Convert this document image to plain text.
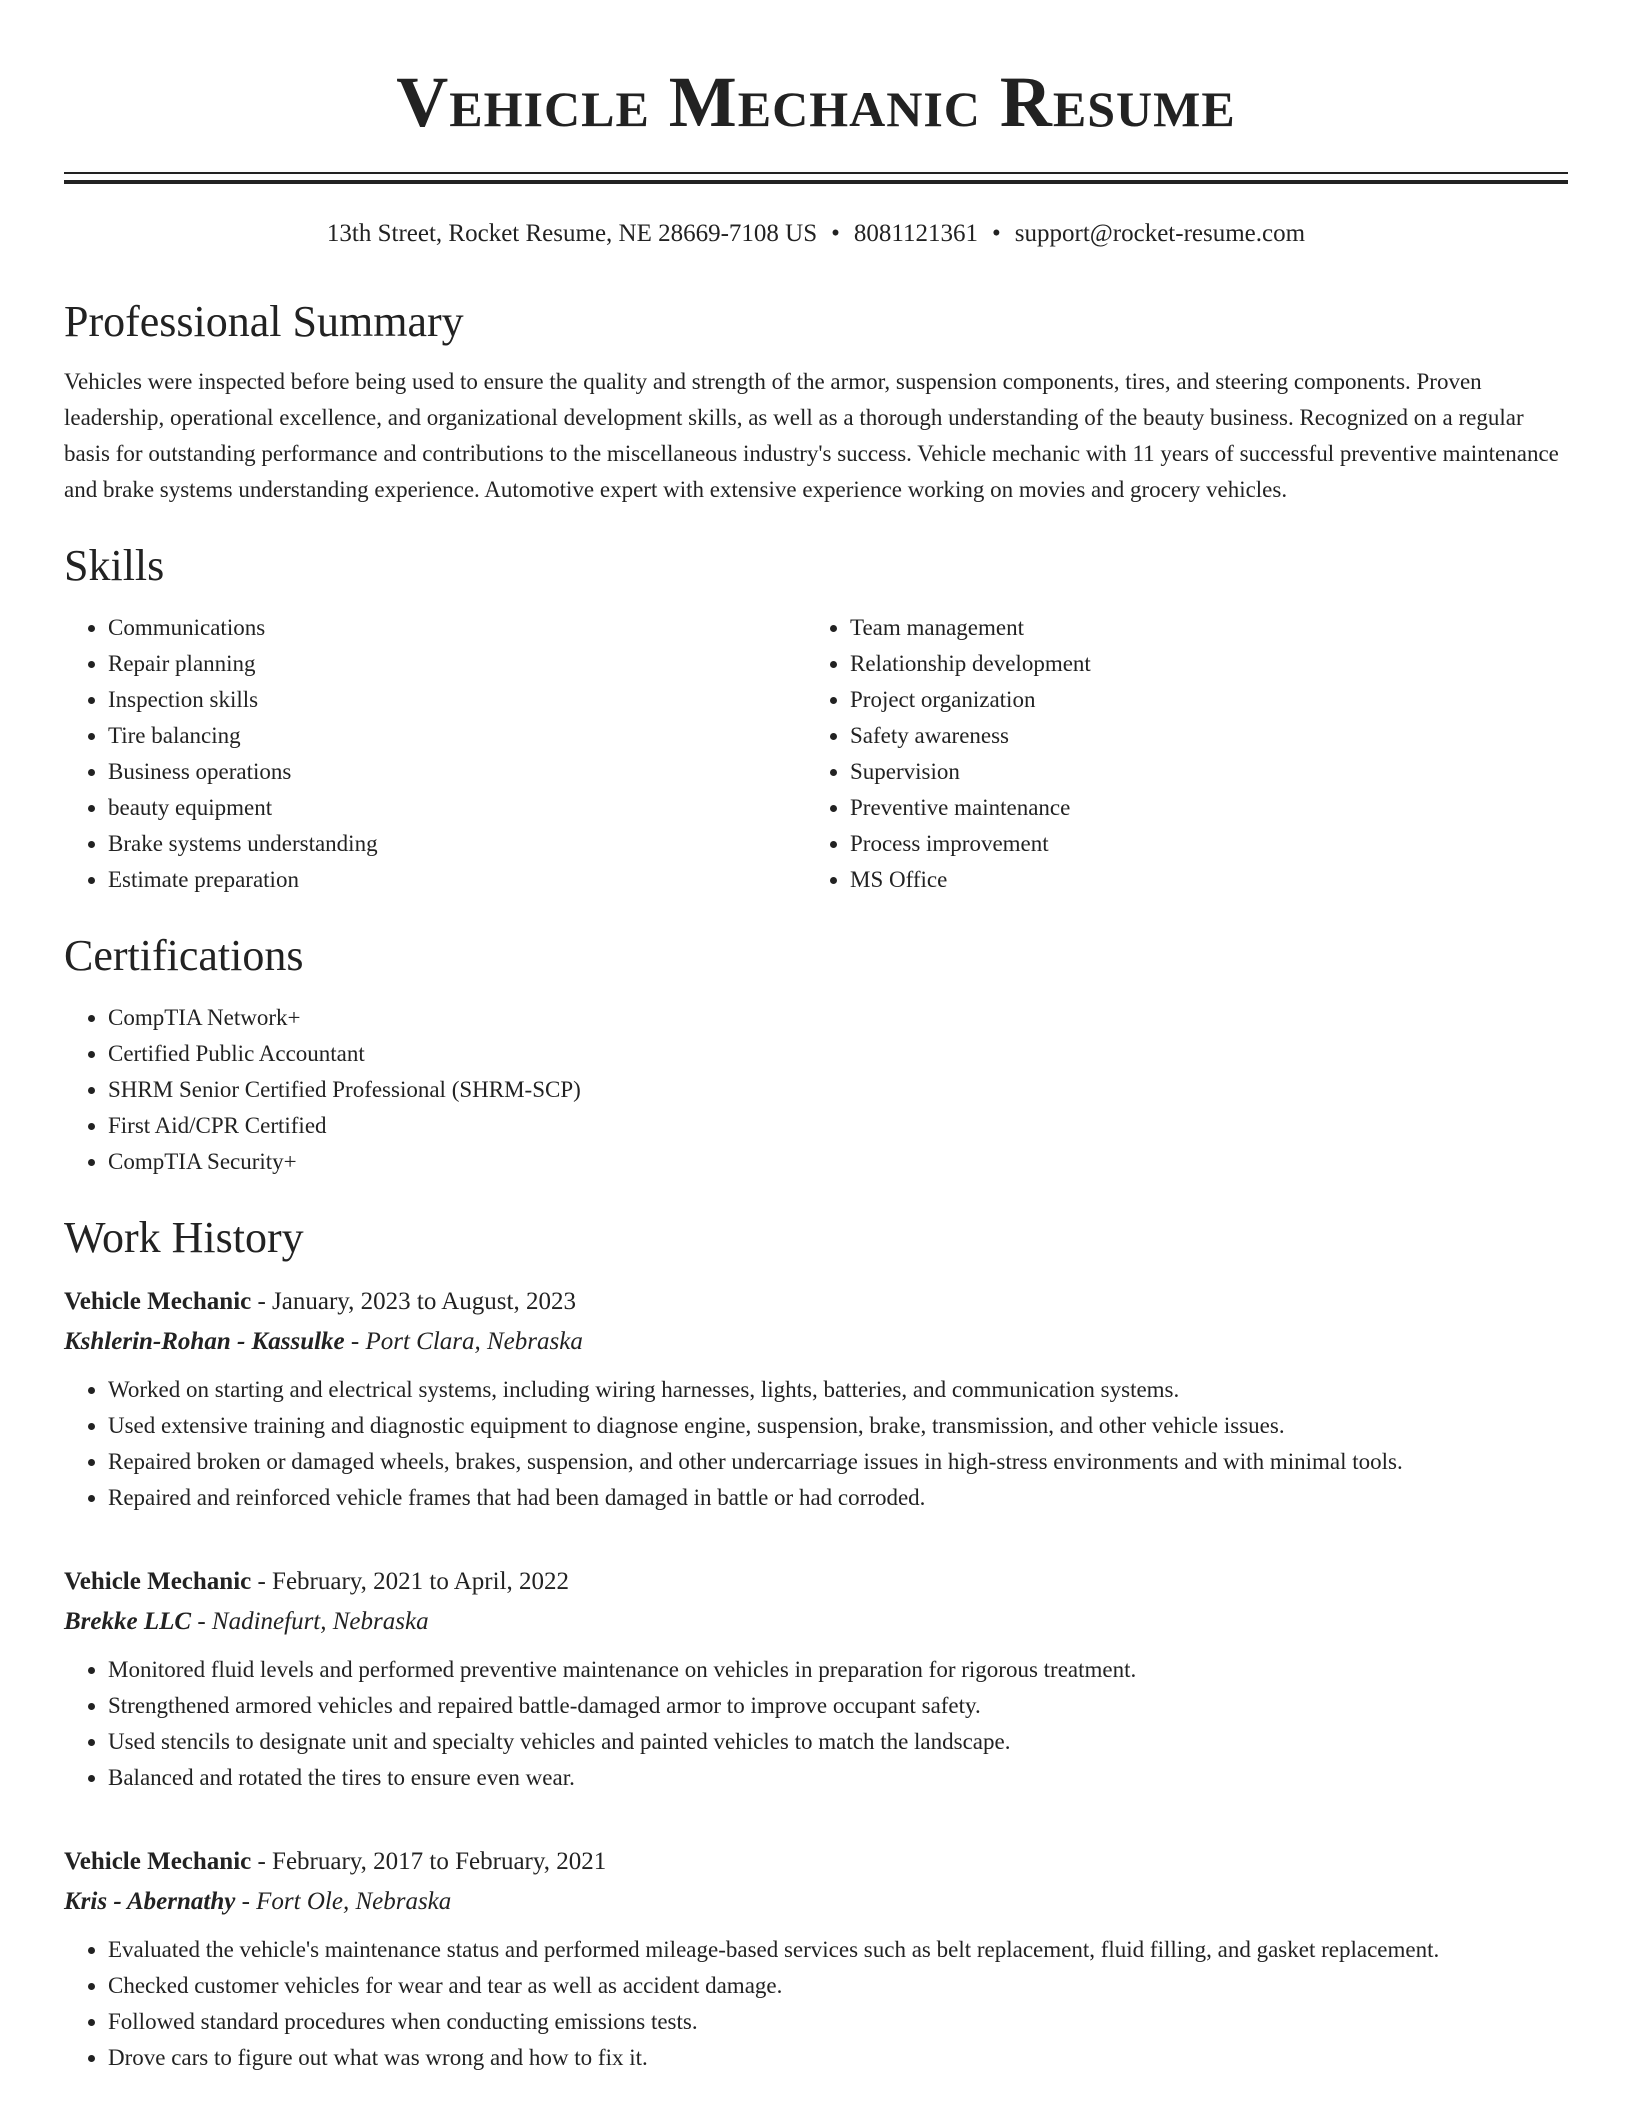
Vehicle Mechanic Resume
13th Street, Rocket Resume, NE 28669-7108 US • 8081121361 • support@rocket-resume.com
Professional Summary

Vehicles were inspected before being used to ensure the quality and strength of the armor, suspension components, tires, and steering components. Proven leadership, operational excellence, and organizational development skills, as well as a thorough understanding of the beauty business. Recognized on a regular basis for outstanding performance and contributions to the miscellaneous industry's success. Vehicle mechanic with 11 years of successful preventive maintenance and brake systems understanding experience. Automotive expert with extensive experience working on movies and grocery vehicles.

Skills
• Communications
• Repair planning
• Inspection skills
• Tire balancing
• Business operations
• beauty equipment
• Brake systems understanding
• Estimate preparation
• Team management
• Relationship development
• Project organization
• Safety awareness
• Supervision
• Preventive maintenance
• Process improvement
• MS Office
Certifications
• CompTIA Network+
• Certified Public Accountant
• SHRM Senior Certified Professional (SHRM-SCP)
• First Aid/CPR Certified
• CompTIA Security+
Work History
Vehicle Mechanic - January, 2023 to August, 2023
Kshlerin-Rohan - Kassulke - Port Clara, Nebraska
• Worked on starting and electrical systems, including wiring harnesses, lights, batteries, and communication systems.
• Used extensive training and diagnostic equipment to diagnose engine, suspension, brake, transmission, and other vehicle issues.
• Repaired broken or damaged wheels, brakes, suspension, and other undercarriage issues in high-stress environments and with minimal tools.
• Repaired and reinforced vehicle frames that had been damaged in battle or had corroded.
Vehicle Mechanic - February, 2021 to April, 2022
Brekke LLC - Nadinefurt, Nebraska
• Monitored fluid levels and performed preventive maintenance on vehicles in preparation for rigorous treatment.
• Strengthened armored vehicles and repaired battle-damaged armor to improve occupant safety.
• Used stencils to designate unit and specialty vehicles and painted vehicles to match the landscape.
• Balanced and rotated the tires to ensure even wear.
Vehicle Mechanic - February, 2017 to February, 2021
Kris - Abernathy - Fort Ole, Nebraska
• Evaluated the vehicle's maintenance status and performed mileage-based services such as belt replacement, fluid filling, and gasket replacement.
• Checked customer vehicles for wear and tear as well as accident damage.
• Followed standard procedures when conducting emissions tests.
• Drove cars to figure out what was wrong and how to fix it.
